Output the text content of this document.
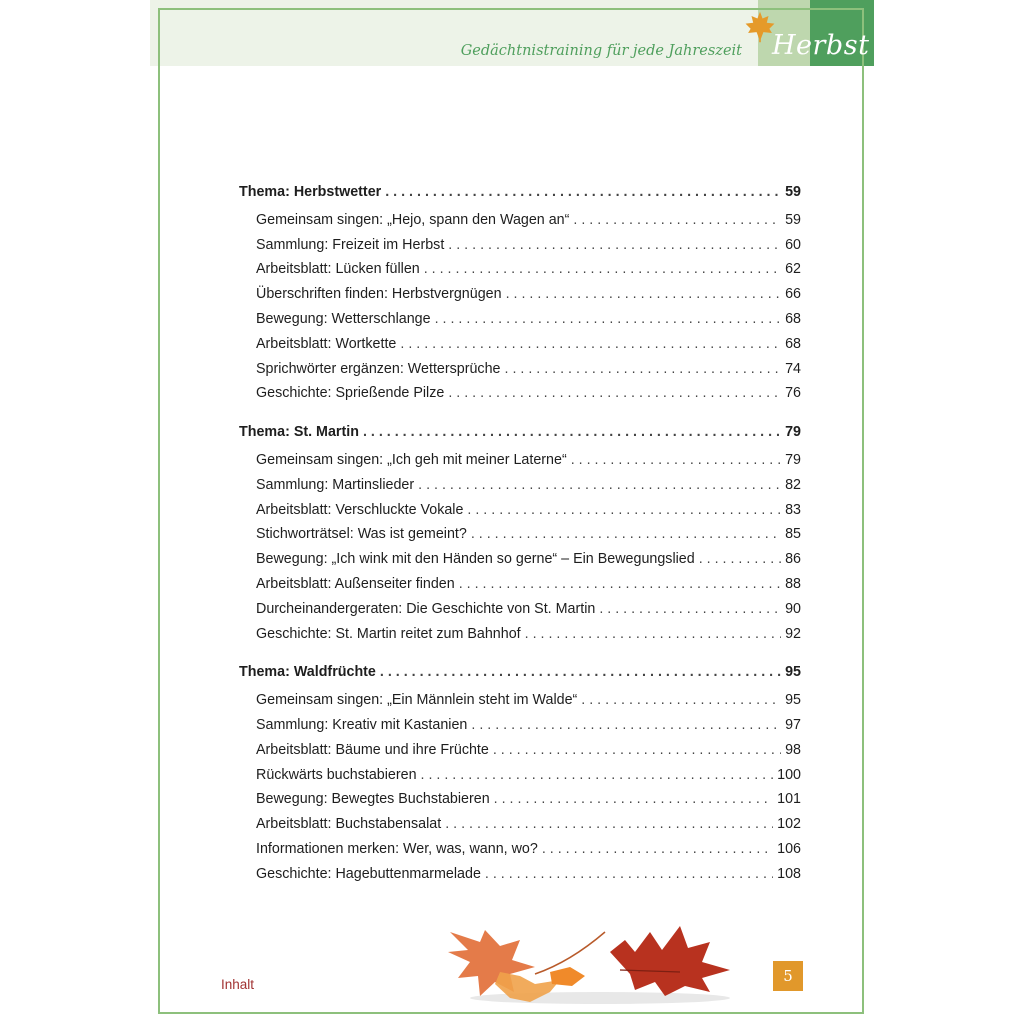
Gedächtnistraining für jede Jahreszeit Herbst
Thema: Herbstwetter . . .	59
Gemeinsam singen: „Hejo, spann den Wagen an“ . . .	59
Sammlung: Freizeit im Herbst . . .	60
Arbeitsblatt: Lücken füllen . . .	62
Überschriften finden: Herbstvergnügen . . .	66
Bewegung: Wetterschlange . . .	68
Arbeitsblatt: Wortkette . . .	68
Sprichwörter ergänzen: Wettersprüche . . .	74
Geschichte: Sprießende Pilze . . .	76
Thema: St. Martin . . .	79
Gemeinsam singen: „Ich geh mit meiner Laterne“ . . .	79
Sammlung: Martinslieder . . .	82
Arbeitsblatt: Verschluckte Vokale . . .	83
Stichworträtsel: Was ist gemeint? . . .	85
Bewegung: „Ich wink mit den Händen so gerne“ – Ein Bewegungslied . . .	86
Arbeitsblatt: Außenseiter finden . . .	88
Durcheinandergeraten: Die Geschichte von St. Martin . . .	90
Geschichte: St. Martin reitet zum Bahnhof . . .	92
Thema: Waldfrüchte . . .	95
Gemeinsam singen: „Ein Männlein steht im Walde“ . . .	95
Sammlung: Kreativ mit Kastanien . . .	97
Arbeitsblatt: Bäume und ihre Früchte . . .	98
Rückwärts buchstabieren . . .	100
Bewegung: Bewegtes Buchstabieren . . .	101
Arbeitsblatt: Buchstabensalat . . .	102
Informationen merken: Wer, was, wann, wo? . . .	106
Geschichte: Hagebuttenmarmelade . . .	108
Inhalt	5
